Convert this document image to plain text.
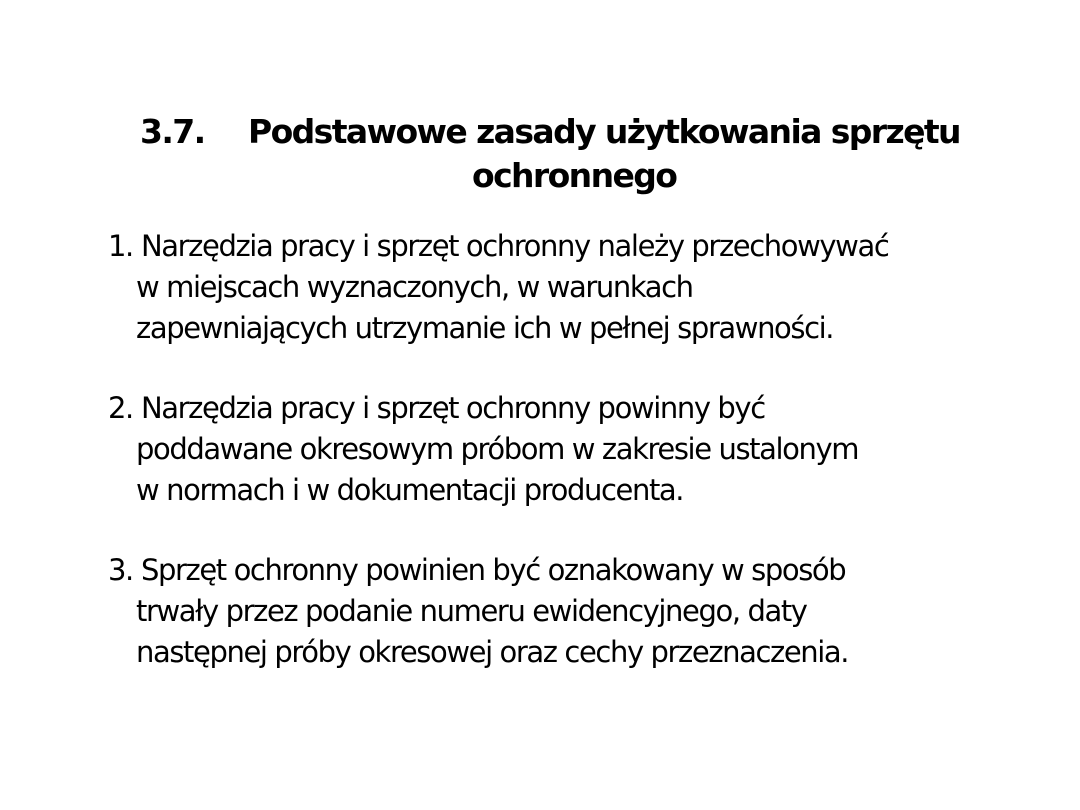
3.7. Podstawowe zasady użytkowania sprzętu
ochronnego
1. Narzędzia pracy i sprzęt ochronny należy przechowywać
w miejscach wyznaczonych, w warunkach
zapewniających utrzymanie ich w pełnej sprawności.
2. Narzędzia pracy i sprzęt ochronny powinny być
poddawane okresowym próbom w zakresie ustalonym
w normach i w dokumentacji producenta.
3. Sprzęt ochronny powinien być oznakowany w sposób
trwały przez podanie numeru ewidencyjnego, daty
następnej próby okresowej oraz cechy przeznaczenia.
